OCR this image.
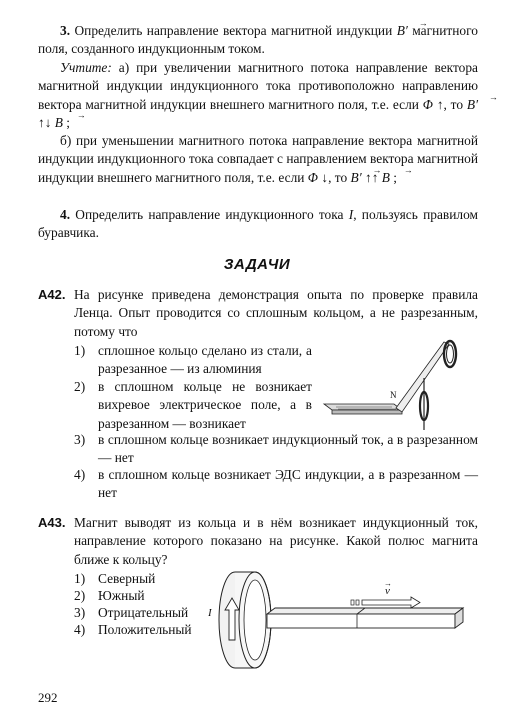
3. Определить направление вектора магнитной индукции → B′ магнитного поля, созданного индукционным током.

Учтите: а) при увеличении магнитного потока направление вектора магнитной индукции индукционного тока противоположно направлению вектора магнитной индукции внешнего магнитного поля, т.е. если Φ ↑, то → B′ ↑↓ → B ;

б) при уменьшении магнитного потока направление вектора магнитной индукции индукционного тока совпадает с направлением вектора магнитной индукции внешнего магнитного поля, т.е. если Φ ↓, то → B′ ↑↑ → B ;

4. Определить направление индукционного тока I, пользуясь правилом буравчика.

ЗАДАЧИ
A42. На рисунке приведена демонстрация опыта по проверке правила Ленца. Опыт проводится со сплошным кольцом, а не разрезанным, потому что
1) сплошное кольцо сделано из стали, а разрезанное — из алюминия
2) в сплошном кольце не возникает вихревое электрическое поле, а в разрезанном — возникает
3) в сплошном кольце возникает индукционный ток, а в разрезанном — нет
4) в сплошном кольце возникает ЭДС индукции, а в разрезанном — нет
N
A43. Магнит выводят из кольца и в нём возникает индукционный ток, направление которого показано на рисунке. Какой полюс магнита ближе к кольцу?
1) Северный
2) Южный
3) Отрицательный
4) Положительный
I
v
→
292
